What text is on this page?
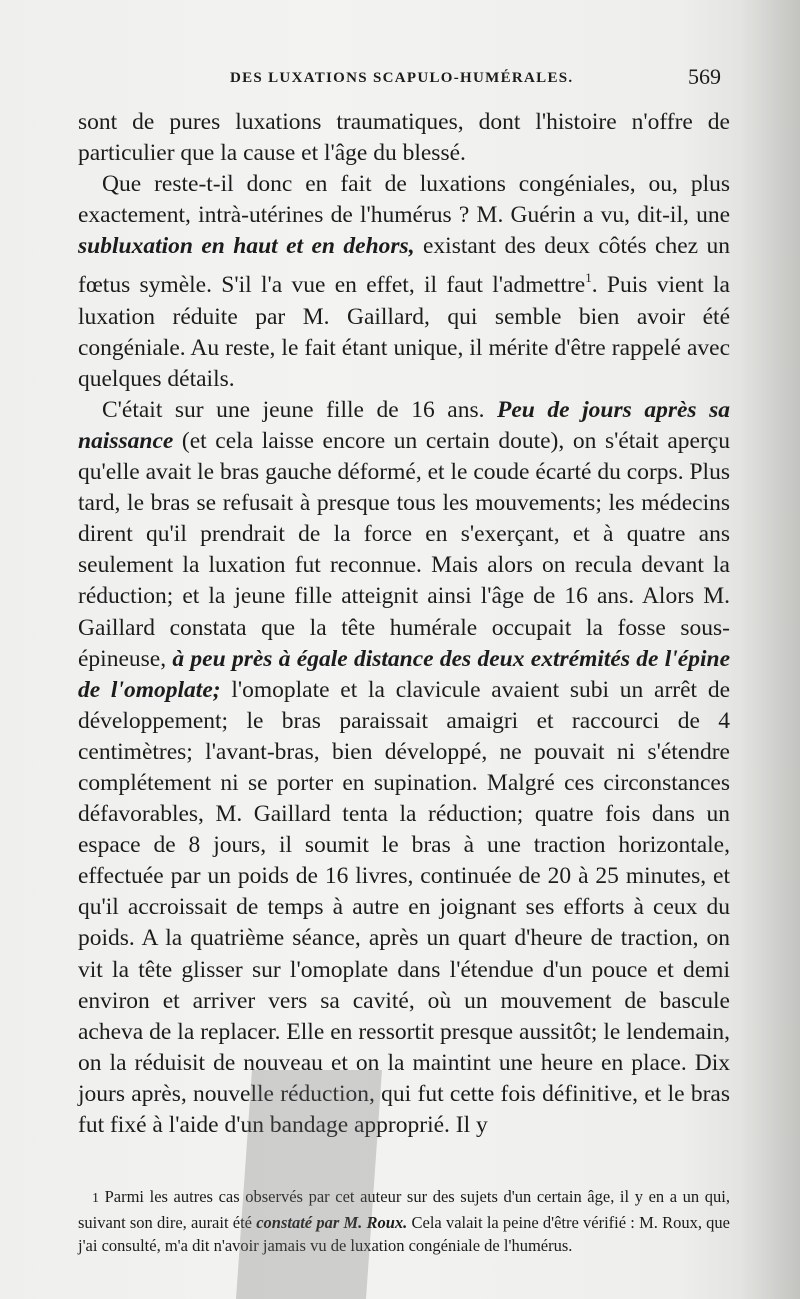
DES LUXATIONS SCAPULO-HUMÉRALES.	569

sont de pures luxations traumatiques, dont l'histoire n'offre de particulier que la cause et l'âge du blessé.

Que reste-t-il donc en fait de luxations congéniales, ou, plus exactement, intrà-utérines de l'humérus ? M. Guérin a vu, dit-il, une subluxation en haut et en dehors, existant des deux côtés chez un fœtus symèle. S'il l'a vue en effet, il faut l'admettre$^1$. Puis vient la luxation réduite par M. Gaillard, qui semble bien avoir été congéniale. Au reste, le fait étant unique, il mérite d'être rappelé avec quelques détails.

C'était sur une jeune fille de 16 ans. Peu de jours après sa naissance (et cela laisse encore un certain doute), on s'était aperçu qu'elle avait le bras gauche déformé, et le coude écarté du corps. Plus tard, le bras se refusait à presque tous les mouvements; les médecins dirent qu'il prendrait de la force en s'exerçant, et à quatre ans seulement la luxation fut reconnue. Mais alors on recula devant la réduction; et la jeune fille atteignit ainsi l'âge de 16 ans. Alors M. Gaillard constata que la tête humérale occupait la fosse sous-épineuse, à peu près à égale distance des deux extrémités de l'épine de l'omoplate; l'omoplate et la clavicule avaient subi un arrêt de développement; le bras paraissait amaigri et raccourci de 4 centimètres; l'avant-bras, bien développé, ne pouvait ni s'étendre complétement ni se porter en supination. Malgré ces circonstances défavorables, M. Gaillard tenta la réduction; quatre fois dans un espace de 8 jours, il soumit le bras à une traction horizontale, effectuée par un poids de 16 livres, continuée de 20 à 25 minutes, et qu'il accroissait de temps à autre en joignant ses efforts à ceux du poids. A la quatrième séance, après un quart d'heure de traction, on vit la tête glisser sur l'omoplate dans l'étendue d'un pouce et demi environ et arriver vers sa cavité, où un mouvement de bascule acheva de la replacer. Elle en ressortit presque aussitôt; le lendemain, on la réduisit de nouveau et on la maintint une heure en place. Dix jours après, nouvelle réduction, qui fut cette fois définitive, et le bras fut fixé à l'aide d'un bandage approprié. Il y

1 Parmi les autres cas observés par cet auteur sur des sujets d'un certain âge, il y en a un qui, suivant son dire, aurait été constaté par M. Roux. Cela valait la peine d'être vérifié : M. Roux, que j'ai consulté, m'a dit n'avoir jamais vu de luxation congéniale de l'humérus.
